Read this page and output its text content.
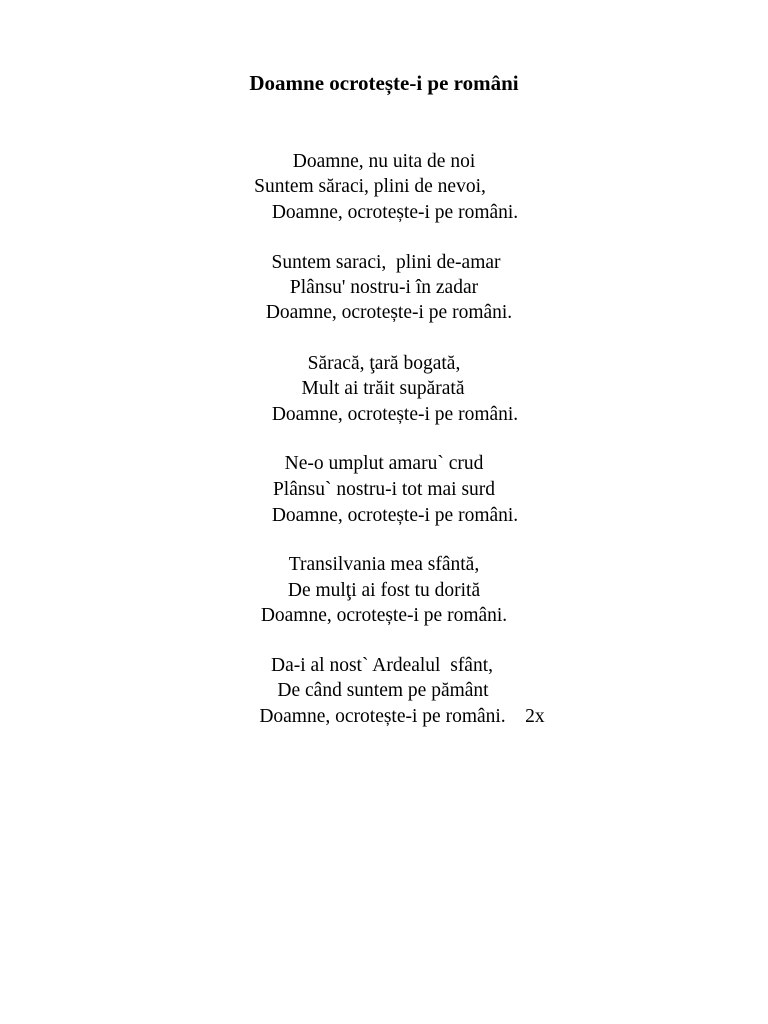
Doamne ocrotește-i pe români
Doamne, nu uita de noi
Suntem săraci, plini de nevoi,
Doamne, ocrotește-i pe români.
Suntem saraci,  plini de-amar
Plânsu' nostru-i în zadar
Doamne, ocrotește-i pe români.
Săracă, ţară bogată,
Mult ai trăit supărată
Doamne, ocrotește-i pe români.
Ne-o umplut amaru` crud
Plânsu` nostru-i tot mai surd
Doamne, ocrotește-i pe români.
Transilvania mea sfântă,
De mulţi ai fost tu dorită
Doamne, ocrotește-i pe români.
Da-i al nost` Ardealul  sfânt,
De când suntem pe pământ
Doamne, ocrotește-i pe români.    2x
